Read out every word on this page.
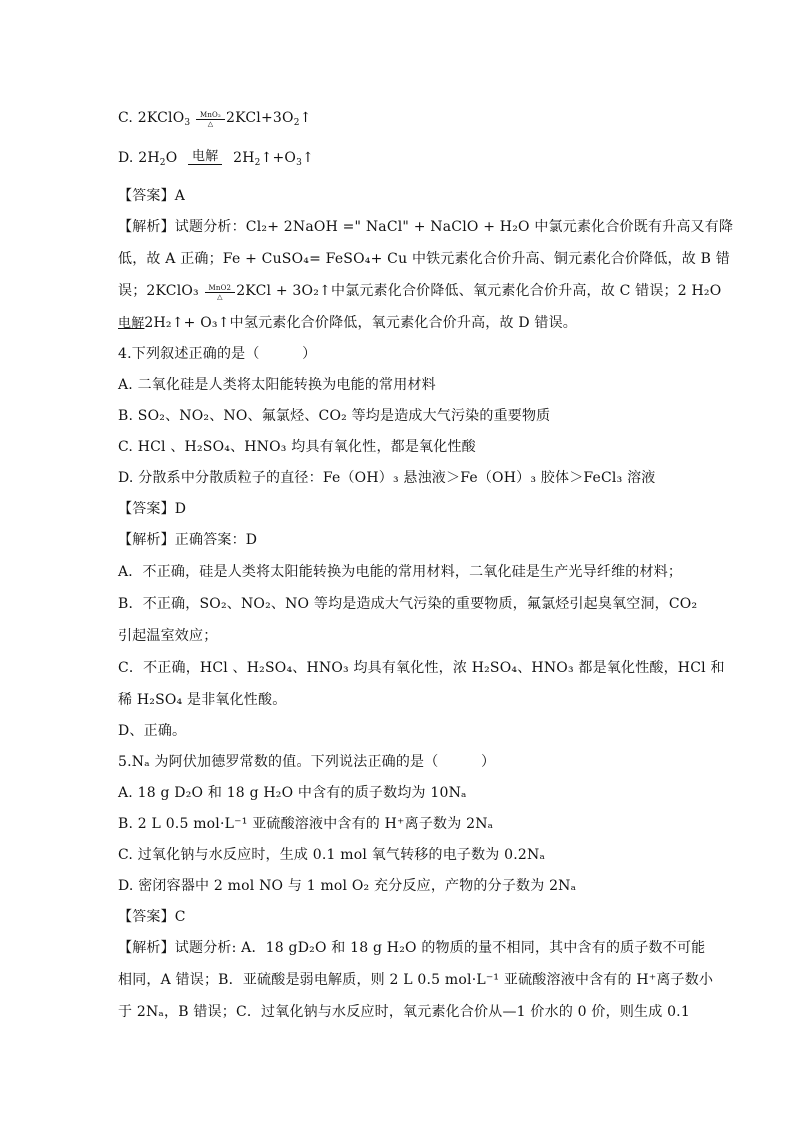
C. 2KClO$_3$
MnO₂
△ $2KCl+3O_2↑$
D. $2H_2O$	电解 $2H_2↑+O_3↑$
【答案】A
【解析】试题分析：Cl₂+ 2NaOH =" NaCl" + NaClO + H₂O 中氯元素化合价既有升高又有降
低，故 A 正确；Fe + CuSO₄= FeSO₄+ Cu 中铁元素化合价升高、铜元素化合价降低，故 B 错
误；2KClO₃	MnO2
△ 2KCl + 3O₂↑中氯元素化合价降低、氧元素化合价升高，故 C 错误；2 H₂O
电解2H₂↑+ O₃↑中氢元素化合价降低，氧元素化合价升高，故 D 错误。
4.下列叙述正确的是（　　　）
A. 二氧化硅是人类将太阳能转换为电能的常用材料
B. SO₂、NO₂、NO、氟氯烃、CO₂ 等均是造成大气污染的重要物质
C. HCl 、H₂SO₄、HNO₃ 均具有氧化性，都是氧化性酸
D. 分散系中分散质粒子的直径：Fe（OH）₃ 悬浊液＞Fe（OH）₃ 胶体＞FeCl₃ 溶液
【答案】D
【解析】正确答案：D
A．不正确，硅是人类将太阳能转换为电能的常用材料，二氧化硅是生产光导纤维的材料；
B．不正确，SO₂、NO₂、NO 等均是造成大气污染的重要物质，氟氯烃引起臭氧空洞，CO₂
引起温室效应；
C．不正确，HCl 、H₂SO₄、HNO₃ 均具有氧化性，浓 H₂SO₄、HNO₃ 都是氧化性酸，HCl 和
稀 H₂SO₄ 是非氧化性酸。
D、正确。
5.Nₐ 为阿伏加德罗常数的值。下列说法正确的是（　　　）
A. 18 g D₂O 和 18 g H₂O 中含有的质子数均为 10Nₐ
B. 2 L 0.5 mol·L⁻¹ 亚硫酸溶液中含有的 H⁺离子数为 2Nₐ
C. 过氧化钠与水反应时，生成 0.1 mol 氧气转移的电子数为 0.2Nₐ
D. 密闭容器中 2 mol NO 与 1 mol O₂ 充分反应，产物的分子数为 2Nₐ
【答案】C
【解析】试题分析: A．18 gD₂O 和 18 g H₂O 的物质的量不相同，其中含有的质子数不可能
相同，A 错误；B．亚硫酸是弱电解质，则 2 L 0.5 mol·L⁻¹ 亚硫酸溶液中含有的 H⁺离子数小
于 2Nₐ，B 错误；C．过氧化钠与水反应时，氧元素化合价从—1 价水的 0 价，则生成 0.1
